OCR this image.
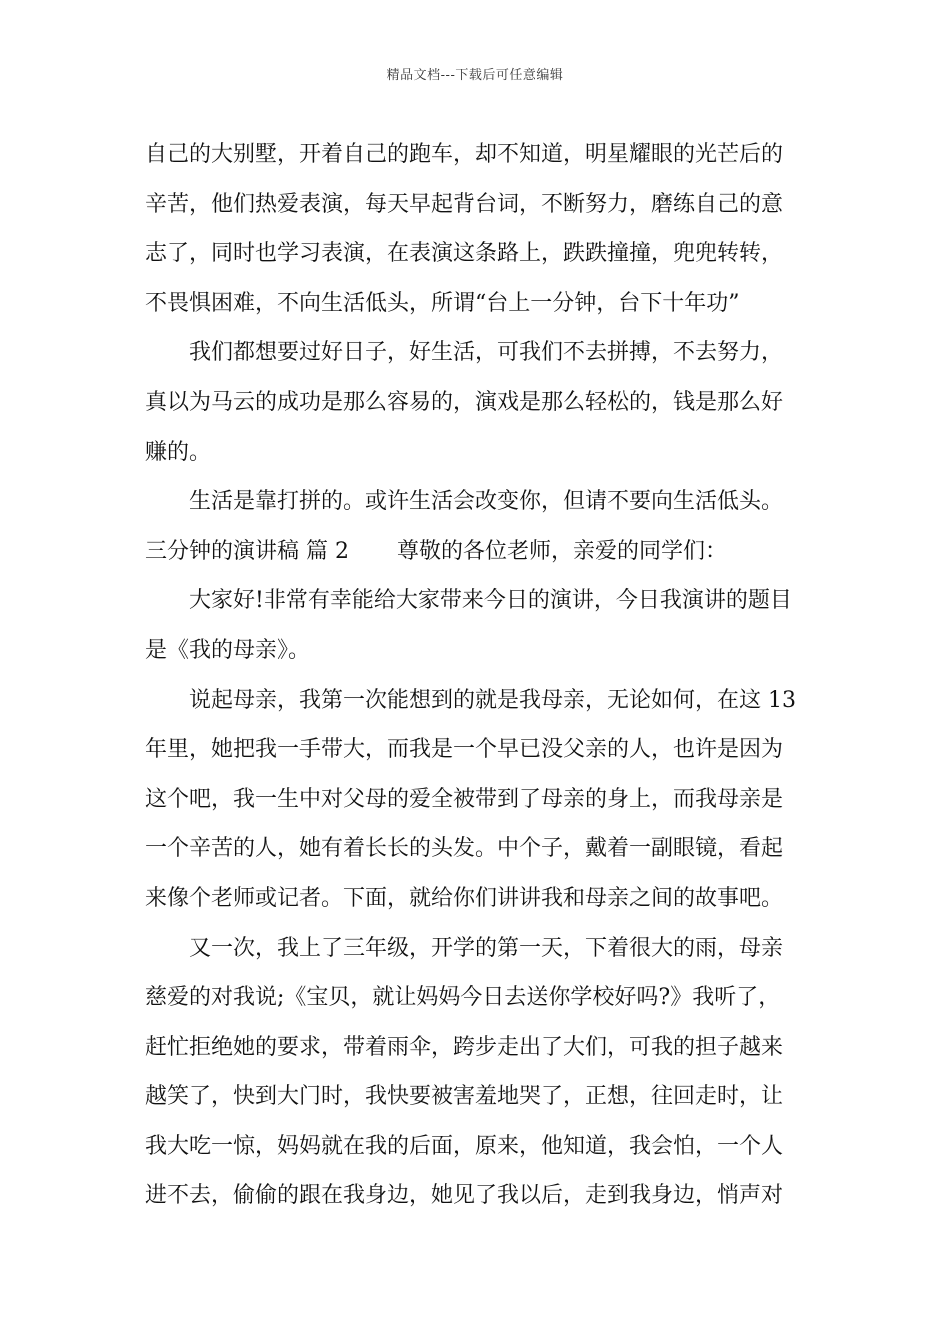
精品文档---下载后可任意编辑
自己的大别墅，开着自己的跑车，却不知道，明星耀眼的光芒后的
辛苦，他们热爱表演，每天早起背台词，不断努力，磨练自己的意
志了，同时也学习表演，在表演这条路上，跌跌撞撞，兜兜转转，
不畏惧困难，不向生活低头，所谓“台上一分钟，台下十年功”
我们都想要过好日子，好生活，可我们不去拼搏，不去努力，
真以为马云的成功是那么容易的，演戏是那么轻松的，钱是那么好
赚的。
生活是靠打拼的。或许生活会改变你，但请不要向生活低头。
三分钟的演讲稿 篇 2 尊敬的各位老师，亲爱的同学们：
大家好!非常有幸能给大家带来今日的演讲，今日我演讲的题目
是《我的母亲》。
说起母亲，我第一次能想到的就是我母亲，无论如何，在这 13
年里，她把我一手带大，而我是一个早已没父亲的人，也许是因为
这个吧，我一生中对父母的爱全被带到了母亲的身上，而我母亲是
一个辛苦的人，她有着长长的头发。中个子，戴着一副眼镜，看起
来像个老师或记者。下面，就给你们讲讲我和母亲之间的故事吧。
又一次，我上了三年级，开学的第一天，下着很大的雨，母亲
慈爱的对我说;《宝贝，就让妈妈今日去送你学校好吗?》我听了，
赶忙拒绝她的要求，带着雨伞，跨步走出了大们，可我的担子越来
越笑了，快到大门时，我快要被害羞地哭了，正想，往回走时，让
我大吃一惊，妈妈就在我的后面，原来，他知道，我会怕，一个人
进不去，偷偷的跟在我身边，她见了我以后，走到我身边，悄声对
